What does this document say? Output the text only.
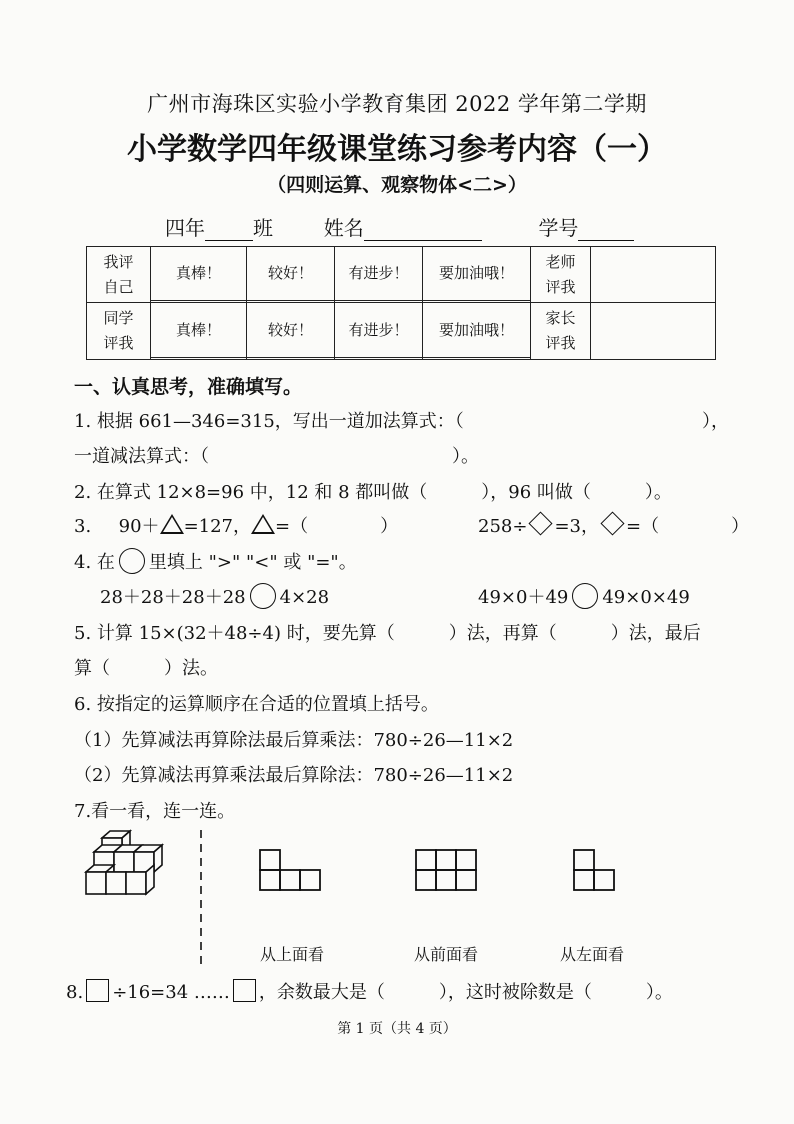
广州市海珠区实验小学教育集团 2022 学年第二学期
小学数学四年级课堂练习参考内容（一）
（四则运算、观察物体<二>）
四年 班	姓名	学号
我评
自己	真棒！	较好！	有进步！	要加油哦！	老师
评我	

同学
评我	真棒！	较好！	有进步！	要加油哦！	家长
评我	

一、认真思考，准确填写。
1. 根据 661—346=315，写出一道加法算式：（	），
一道减法算式：（	）。
2. 在算式 12×8=96 中，12 和 8 都叫做（　　　），96 叫做（　　　）。
3. 90＋ =127， =（　　　　）	258÷ =3， =（　　　　）
4. 在 里填上 ">" "<" 或 "="。
28＋28＋28＋28 4×28	49×0＋49 49×0×49
5. 计算 15×(32＋48÷4) 时，要先算（　　　）法，再算（　　　）法，最后
算（　　　）法。
6. 按指定的运算顺序在合适的位置填上括号。
（1）先算减法再算除法最后算乘法：780÷26—11×2
（2）先算减法再算乘法最后算除法：780÷26—11×2
7.看一看，连一连。
从上面看	从前面看	从左面看
8. ÷16=34 …… ，余数最大是（　　　），这时被除数是（　　　）。
第 1 页（共 4 页）
